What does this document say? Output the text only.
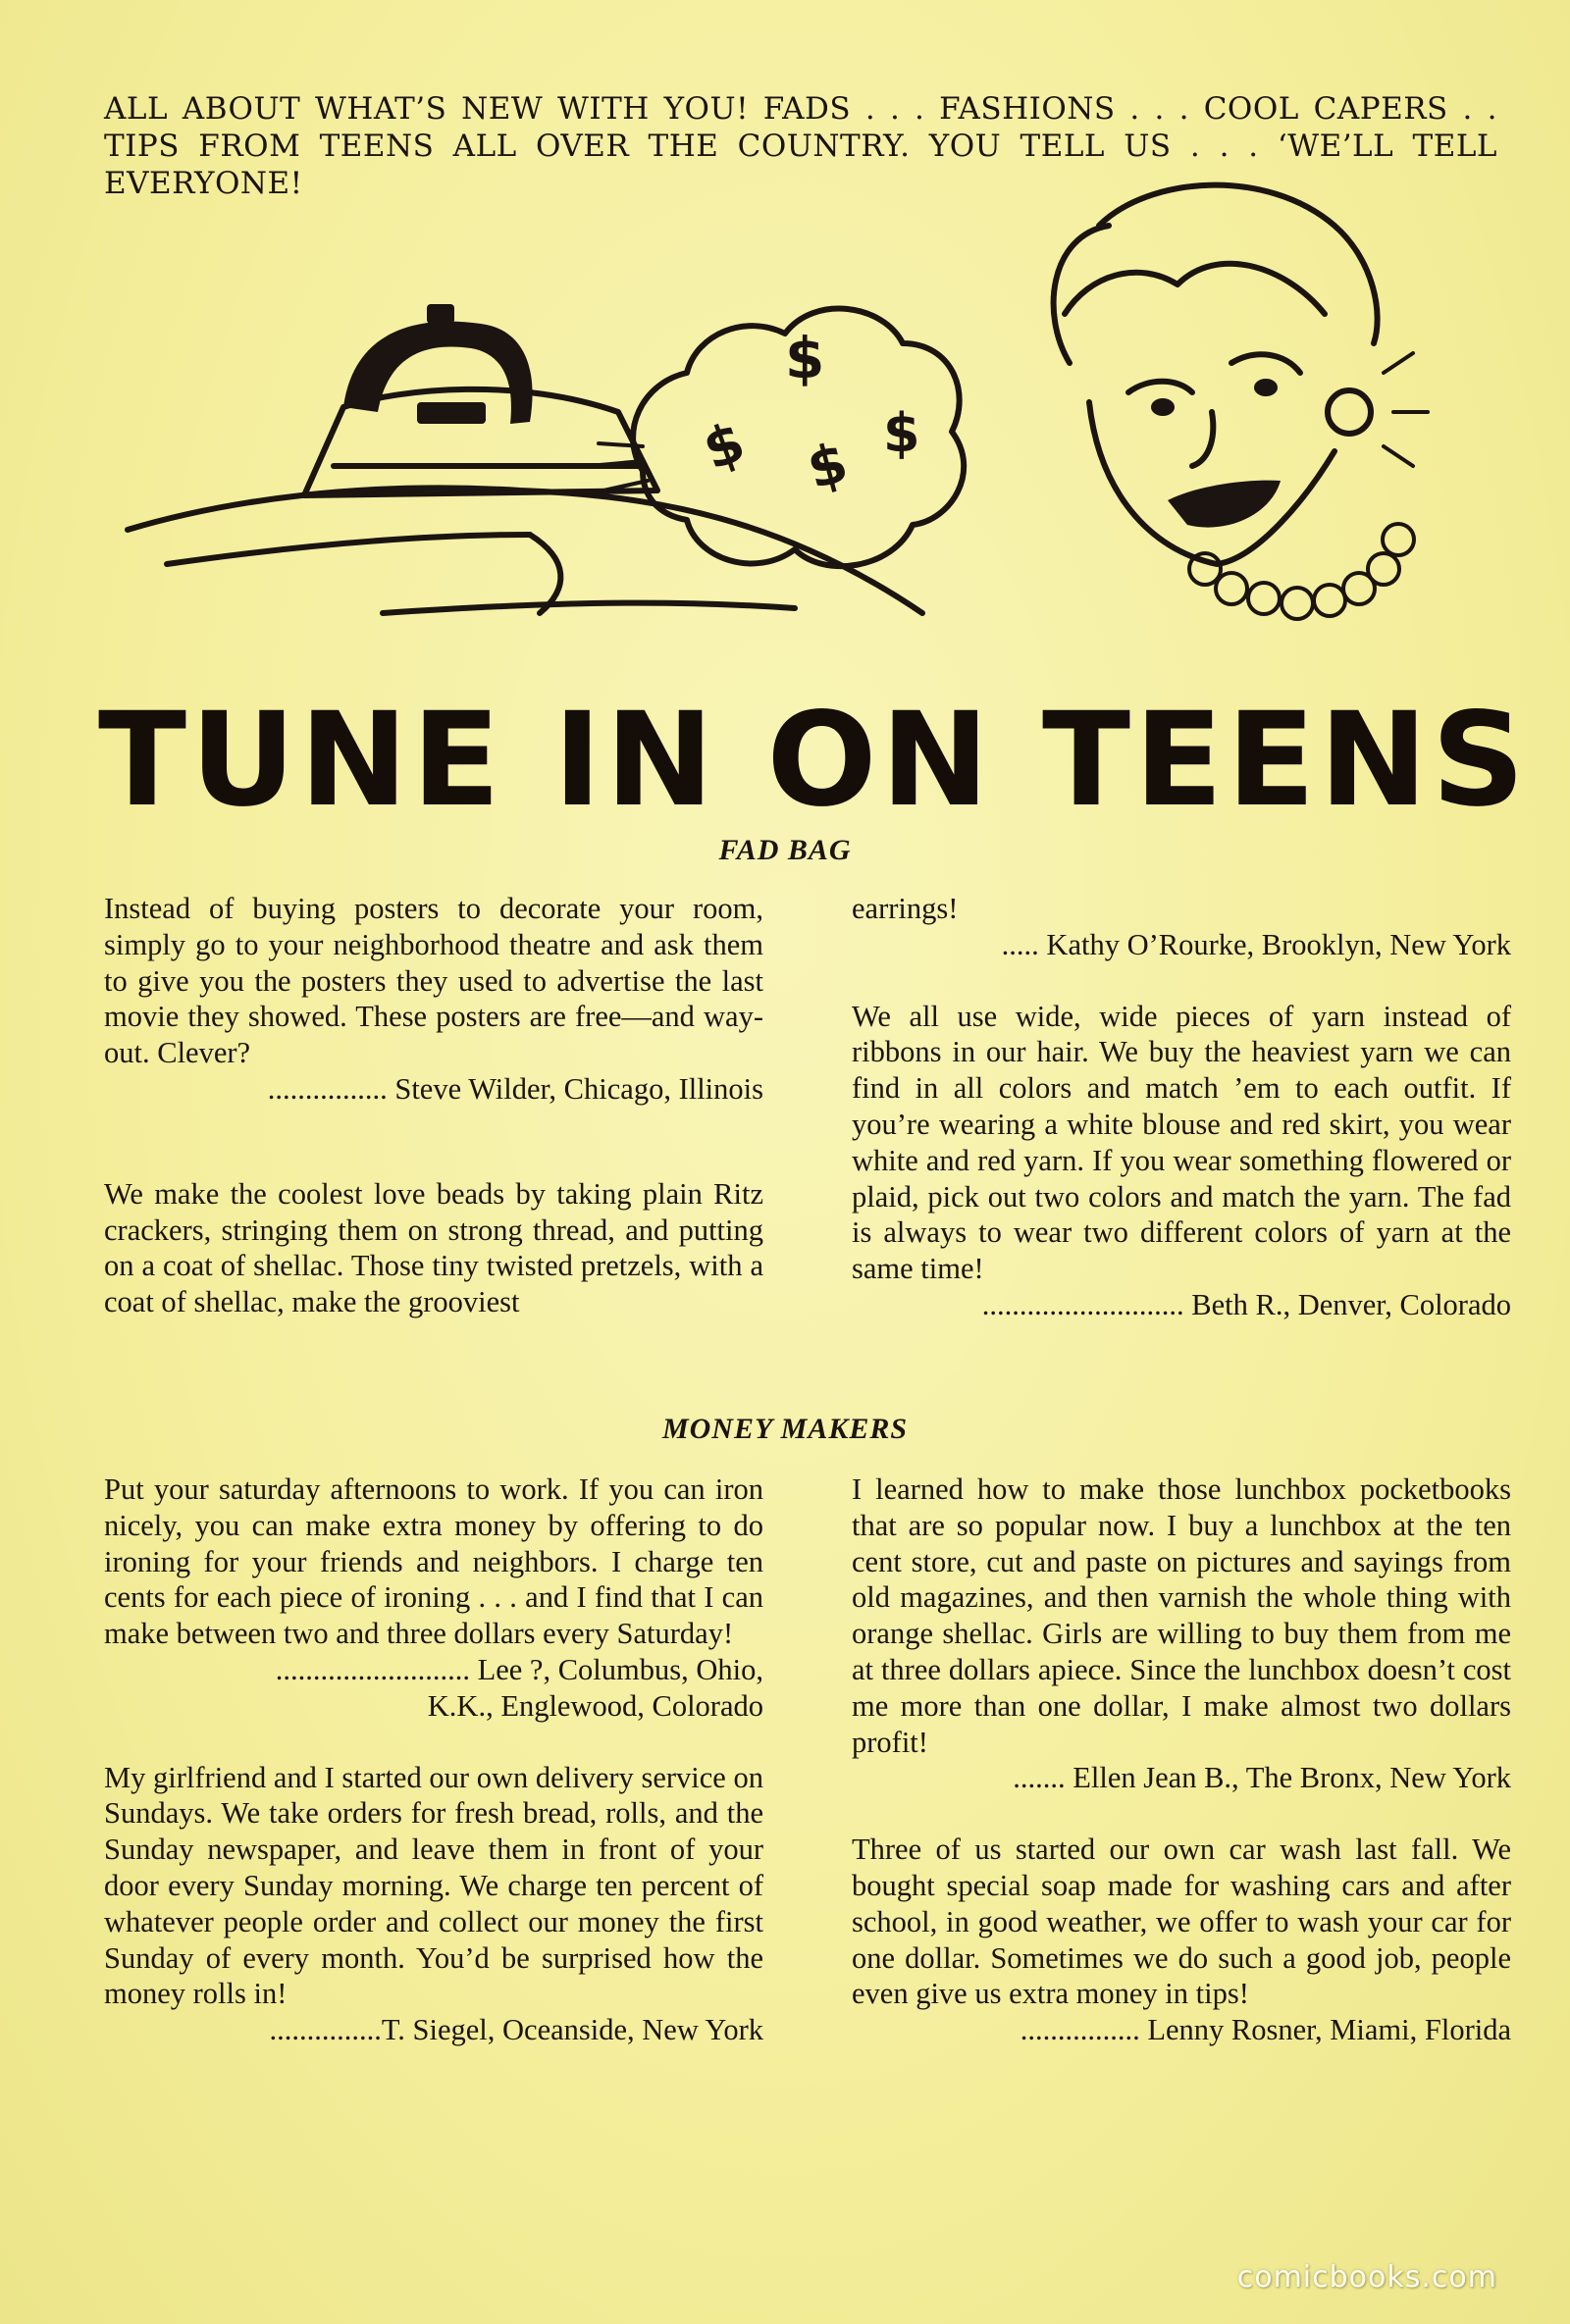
ALL ABOUT WHAT’S NEW WITH YOU! FADS . . . FASHIONS . . . COOL CAPERS . . TIPS FROM TEENS ALL OVER THE COUNTRY. YOU TELL US . . . ‘WE’LL TELL EVERYONE!
$
$ $ $
TUNE IN ON TEENS
FAD BAG

Instead of buying posters to decorate your room, simply go to your neighborhood theatre and ask them to give you the posters they used to advertise the last movie they showed. These posters are free—and way-out. Clever?

................ Steve Wilder, Chicago, Illinois

We make the coolest love beads by taking plain Ritz crackers, stringing them on strong thread, and putting on a coat of shellac. Those tiny twisted pretzels, with a coat of shellac, make the grooviest

earrings!

..... Kathy O’Rourke, Brooklyn, New York

We all use wide, wide pieces of yarn instead of ribbons in our hair. We buy the heaviest yarn we can find in all colors and match ’em to each outfit. If you’re wearing a white blouse and red skirt, you wear white and red yarn. If you wear something flowered or plaid, pick out two colors and match the yarn. The fad is always to wear two different colors of yarn at the same time!

........................... Beth R., Denver, Colorado
MONEY MAKERS

Put your saturday afternoons to work. If you can iron nicely, you can make extra money by offering to do ironing for your friends and neighbors. I charge ten cents for each piece of ironing . . . and I find that I can make between two and three dollars every Saturday!

.......................... Lee ?, Columbus, Ohio,
K.K., Englewood, Colorado

My girlfriend and I started our own delivery service on Sundays. We take orders for fresh bread, rolls, and the Sunday newspaper, and leave them in front of your door every Sunday morning. We charge ten percent of whatever people order and collect our money the first Sunday of every month. You’d be surprised how the money rolls in!

...............T. Siegel, Oceanside, New York

I learned how to make those lunchbox pocketbooks that are so popular now. I buy a lunchbox at the ten cent store, cut and paste on pictures and sayings from old magazines, and then varnish the whole thing with orange shellac. Girls are willing to buy them from me at three dollars apiece. Since the lunchbox doesn’t cost me more than one dollar, I make almost two dollars profit!

....... Ellen Jean B., The Bronx, New York

Three of us started our own car wash last fall. We bought special soap made for washing cars and after school, in good weather, we offer to wash your car for one dollar. Sometimes we do such a good job, people even give us extra money in tips!

................ Lenny Rosner, Miami, Florida
comicbooks.com
